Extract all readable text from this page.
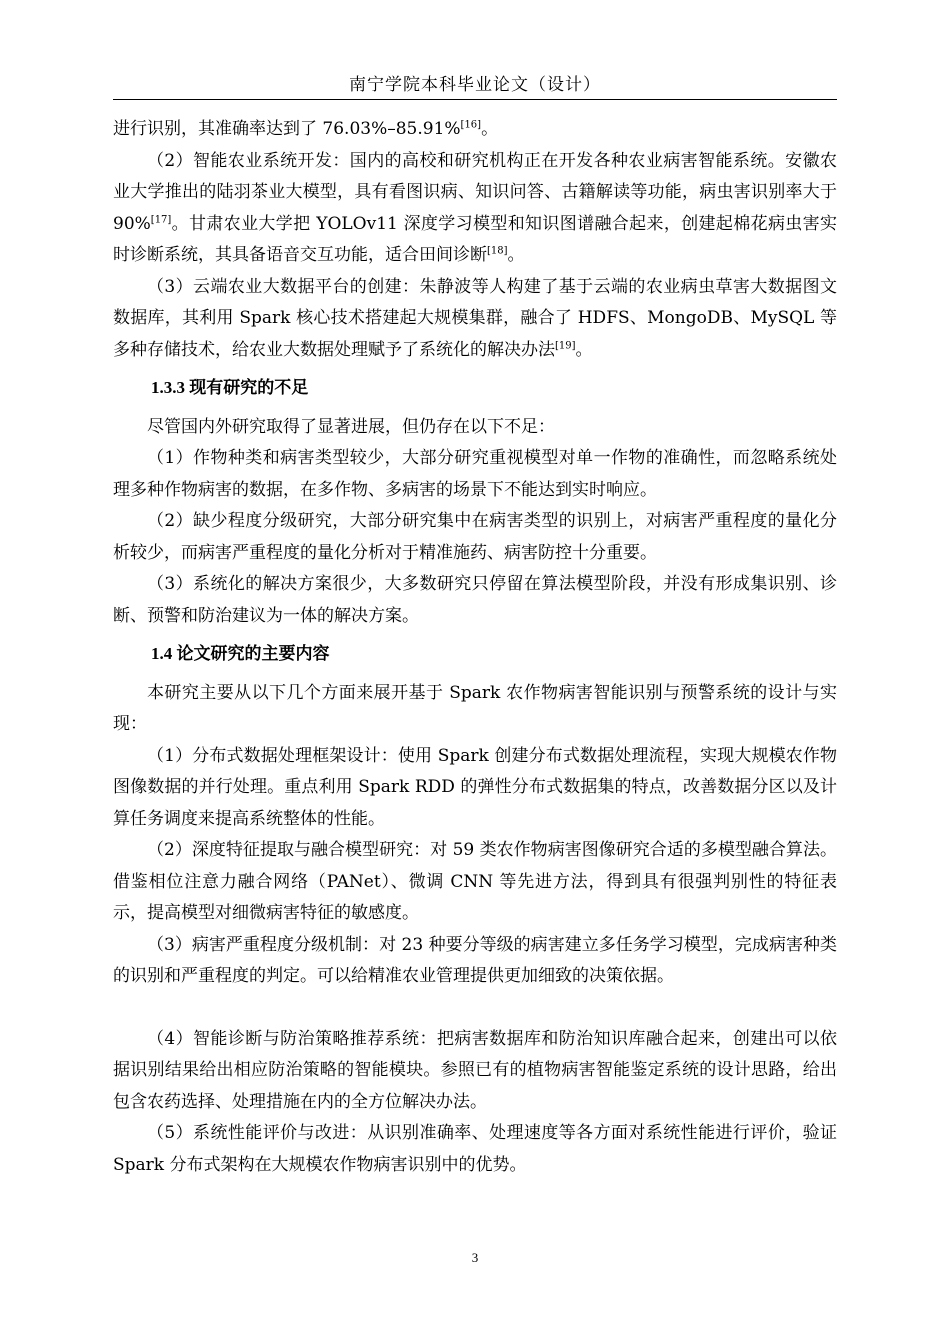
南宁学院本科毕业论文（设计）

进行识别，其准确率达到了 76.03%–85.91%[16]。

（2）智能农业系统开发：国内的高校和研究机构正在开发各种农业病害智能系统。安徽农业大学推出的陆羽茶业大模型，具有看图识病、知识问答、古籍解读等功能，病虫害识别率大于 90%[17]。甘肃农业大学把 YOLOv11 深度学习模型和知识图谱融合起来，创建起棉花病虫害实时诊断系统，其具备语音交互功能，适合田间诊断[18]。

（3）云端农业大数据平台的创建：朱静波等人构建了基于云端的农业病虫草害大数据图文数据库，其利用 Spark 核心技术搭建起大规模集群，融合了 HDFS、MongoDB、MySQL 等多种存储技术，给农业大数据处理赋予了系统化的解决办法[19]。

1.3.3 现有研究的不足

尽管国内外研究取得了显著进展，但仍存在以下不足：

（1）作物种类和病害类型较少，大部分研究重视模型对单一作物的准确性，而忽略系统处理多种作物病害的数据，在多作物、多病害的场景下不能达到实时响应。

（2）缺少程度分级研究，大部分研究集中在病害类型的识别上，对病害严重程度的量化分析较少，而病害严重程度的量化分析对于精准施药、病害防控十分重要。

（3）系统化的解决方案很少，大多数研究只停留在算法模型阶段，并没有形成集识别、诊断、预警和防治建议为一体的解决方案。

1.4 论文研究的主要内容

本研究主要从以下几个方面来展开基于 Spark 农作物病害智能识别与预警系统的设计与实现：

（1）分布式数据处理框架设计：使用 Spark 创建分布式数据处理流程，实现大规模农作物图像数据的并行处理。重点利用 Spark RDD 的弹性分布式数据集的特点，改善数据分区以及计算任务调度来提高系统整体的性能。

（2）深度特征提取与融合模型研究：对 59 类农作物病害图像研究合适的多模型融合算法。借鉴相位注意力融合网络（PANet）、微调 CNN 等先进方法，得到具有很强判别性的特征表示，提高模型对细微病害特征的敏感度。

（3）病害严重程度分级机制：对 23 种要分等级的病害建立多任务学习模型，完成病害种类的识别和严重程度的判定。可以给精准农业管理提供更加细致的决策依据。

（4）智能诊断与防治策略推荐系统：把病害数据库和防治知识库融合起来，创建出可以依据识别结果给出相应防治策略的智能模块。参照已有的植物病害智能鉴定系统的设计思路，给出包含农药选择、处理措施在内的全方位解决办法。

（5）系统性能评价与改进：从识别准确率、处理速度等各方面对系统性能进行评价，验证 Spark 分布式架构在大规模农作物病害识别中的优势。

3
